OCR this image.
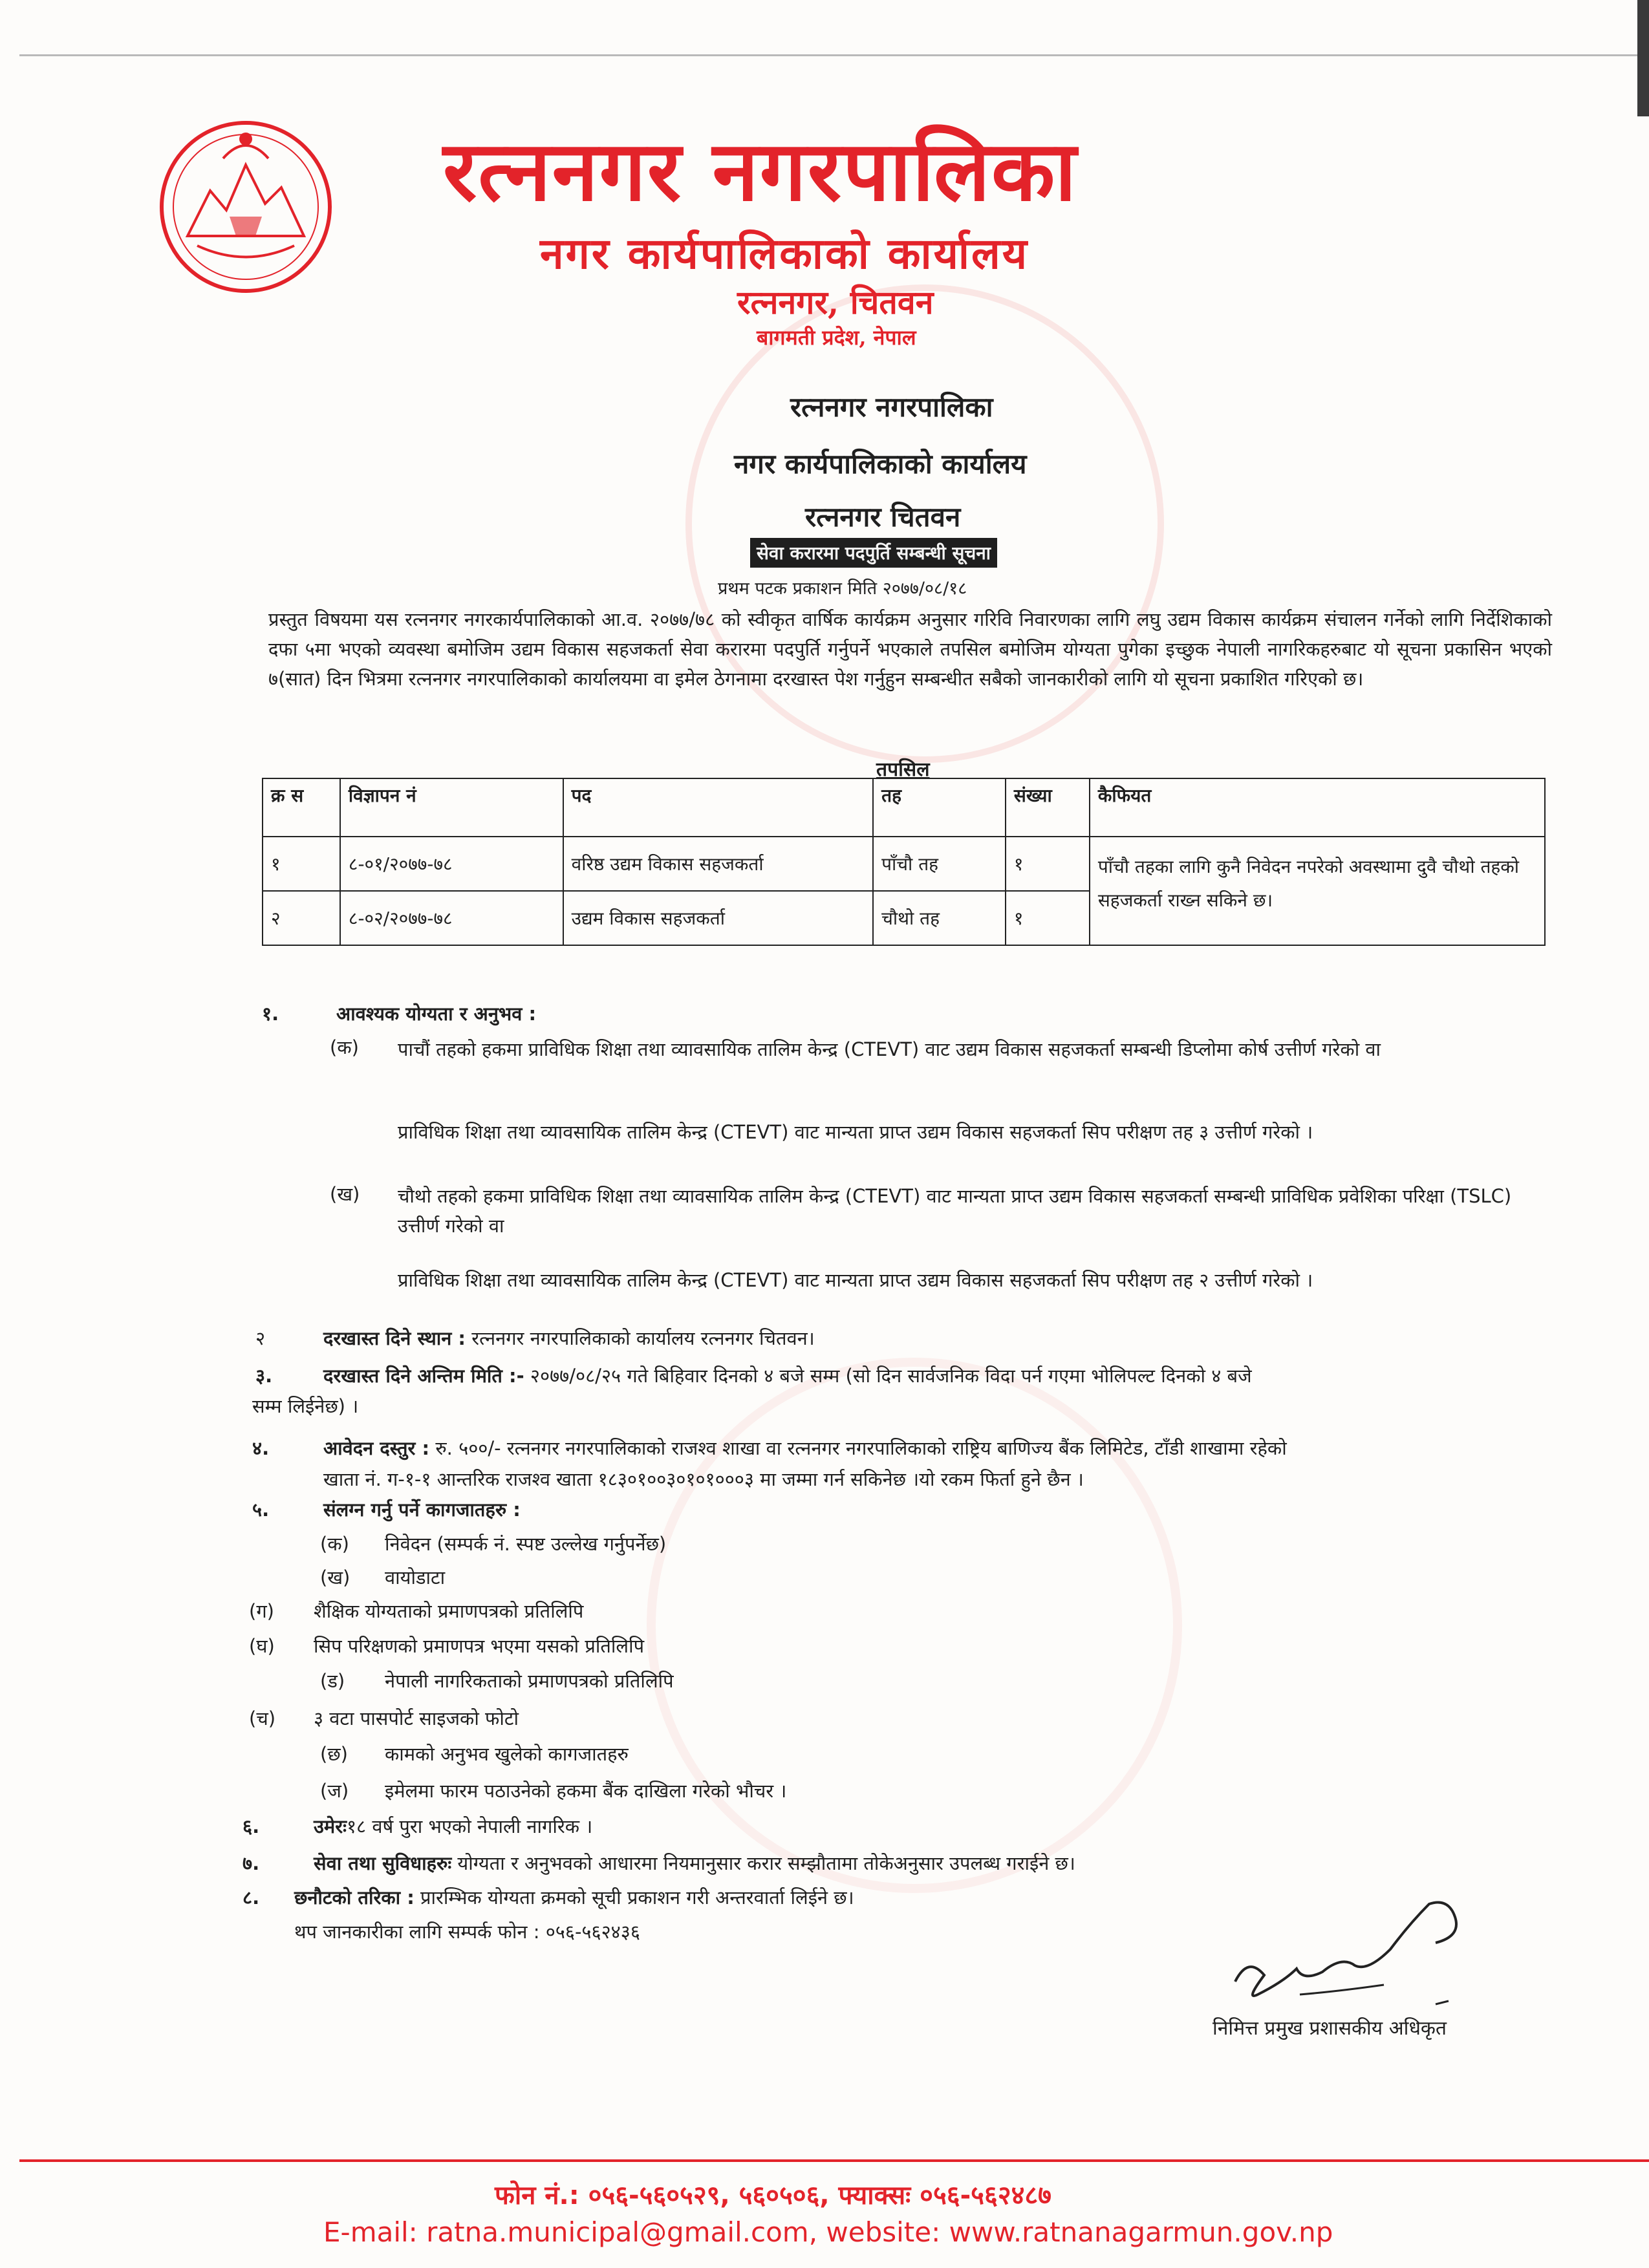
रत्ननगर नगरपालिका
नगर कार्यपालिकाको कार्यालय
रत्ननगर, चितवन
बागमती प्रदेश, नेपाल
रत्ननगर नगरपालिका
नगर कार्यपालिकाको कार्यालय
रत्ननगर चितवन
सेवा करारमा पदपुर्ति सम्बन्धी सूचना
प्रथम पटक प्रकाशन मिति २०७७/०८/१८

प्रस्तुत विषयमा यस रत्ननगर नगरकार्यपालिकाको आ.व. २०७७/७८ को स्वीकृत वार्षिक कार्यक्रम अनुसार गरिवि निवारणका लागि लघु उद्यम विकास कार्यक्रम संचालन गर्नेको लागि निर्देशिकाको दफा ५मा भएको व्यवस्था बमोजिम उद्यम विकास सहजकर्ता सेवा करारमा पदपुर्ति गर्नुपर्ने भएकाले तपसिल बमोजिम योग्यता पुगेका इच्छुक नेपाली नागरिकहरुबाट यो सूचना प्रकासिन भएको ७(सात) दिन भित्रमा रत्ननगर नगरपालिकाको कार्यालयमा वा इमेल ठेगनामा दरखास्त पेश गर्नुहुन सम्बन्धीत सबैको जानकारीको लागि यो सूचना प्रकाशित गरिएको छ।

तपसिल
क्र स	विज्ञापन नं	पद	तह	संख्या	कैफियत
१	८-०१/२०७७-७८	वरिष्ठ उद्यम विकास सहजकर्ता	पाँचौ तह	१	पाँचौ तहका लागि कुनै निवेदन नपरेको अवस्थामा दुवै चौथो तहको सहजकर्ता राख्न सकिने छ।
२	८-०२/२०७७-७८	उद्यम विकास सहजकर्ता	चौथो तह	१	
१.	आवश्यक योग्यता र अनुभव :
(क) पाचौं तहको हकमा प्राविधिक शिक्षा तथा व्यावसायिक तालिम केन्द्र (CTEVT) वाट उद्यम विकास सहजकर्ता सम्बन्धी डिप्लोमा कोर्ष उत्तीर्ण गरेको वा

प्राविधिक शिक्षा तथा व्यावसायिक तालिम केन्द्र (CTEVT) वाट मान्यता प्राप्त उद्यम विकास सहजकर्ता सिप परीक्षण तह ३ उत्तीर्ण गरेको ।

(ख) चौथो तहको हकमा प्राविधिक शिक्षा तथा व्यावसायिक तालिम केन्द्र (CTEVT) वाट मान्यता प्राप्त उद्यम विकास सहजकर्ता सम्बन्धी प्राविधिक प्रवेशिका परिक्षा (TSLC) उत्तीर्ण गरेको वा

प्राविधिक शिक्षा तथा व्यावसायिक तालिम केन्द्र (CTEVT) वाट मान्यता प्राप्त उद्यम विकास सहजकर्ता सिप परीक्षण तह २ उत्तीर्ण गरेको ।

२	दरखास्त दिने स्थान : रत्ननगर नगरपालिकाको कार्यालय रत्ननगर चितवन।
३.	दरखास्त दिने अन्तिम मिति :- २०७७/०८/२५ गते बिहिवार दिनको ४ बजे सम्म (सो दिन सार्वजनिक विदा पर्न गएमा भोलिपल्ट दिनको ४ बजे
सम्म लिईनेछ) ।
४.	आवेदन दस्तुर : रु. ५००/- रत्ननगर नगरपालिकाको राजश्व शाखा वा रत्ननगर नगरपालिकाको राष्ट्रिय बाणिज्य बैंक लिमिटेड, टाँडी शाखामा रहेको
खाता नं. ग-१-१ आन्तरिक राजश्व खाता १८३०१००३०१०१०००३ मा जम्मा गर्न सकिनेछ ।यो रकम फिर्ता हुने छैन ।
५.	संलग्न गर्नु पर्ने कागजातहरु :
(क) निवेदन (सम्पर्क नं. स्पष्ट उल्लेख गर्नुपर्नेछ)
(ख) वायोडाटा
(ग) शैक्षिक योग्यताको प्रमाणपत्रको प्रतिलिपि
(घ) सिप परिक्षणको प्रमाणपत्र भएमा यसको प्रतिलिपि
(ड) नेपाली नागरिकताको प्रमाणपत्रको प्रतिलिपि
(च) ३ वटा पासपोर्ट साइजको फोटो
(छ) कामको अनुभव खुलेको कागजातहरु
(ज) इमेलमा फारम पठाउनेको हकमा बैंक दाखिला गरेको भौचर ।
६.	उमेरः१८ वर्ष पुरा भएको नेपाली नागरिक ।
७.	सेवा तथा सुविधाहरुः योग्यता र अनुभवको आधारमा नियमानुसार करार सम्झौतामा तोकेअनुसार उपलब्ध गराईने छ।
८. छनौटको तरिका : प्रारम्भिक योग्यता क्रमको सूची प्रकाशन गरी अन्तरवार्ता लिईने छ।
थप जानकारीका लागि सम्पर्क फोन : ०५६-५६२४३६
निमित्त प्रमुख प्रशासकीय अधिकृत
फोन नं.: ०५६-५६०५२९, ५६०५०६, फ्याक्सः ०५६-५६२४८७
E-mail: ratna.municipal@gmail.com, website: www.ratnanagarmun.gov.np
